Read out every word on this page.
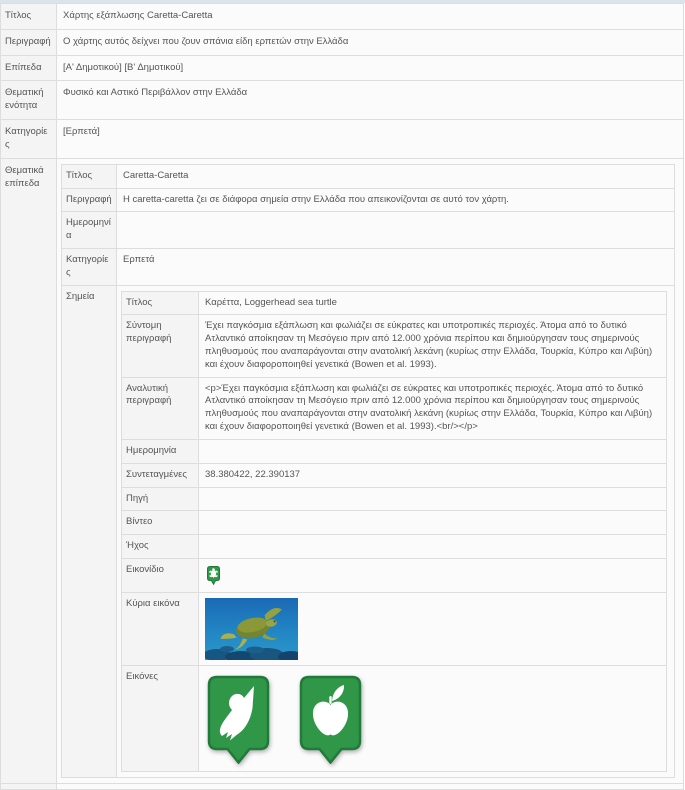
Τίτλος	Χάρτης εξάπλωσης Caretta-Caretta
Περιγραφή	Ο χάρτης αυτός δείχνει που ζουν σπάνια είδη ερπετών στην Ελλάδα
Επίπεδα	[Α' Δημοτικού] [Β' Δημοτικού]
Θεματική ενότητα	Φυσικό και Αστικό Περιβάλλον στην Ελλάδα
Κατηγορίες	[Ερπετά]
Θεματικά επίπεδα	
Τίτλος	Caretta-Caretta
Περιγραφή	Η caretta-caretta ζει σε διάφορα σημεία στην Ελλάδα που απεικονίζονται σε αυτό τον χάρτη.
Ημερομηνία	
Κατηγορίες	Ερπετά
Σημεία	
Τίτλος	Καρέττα, Loggerhead sea turtle
Σύντομη περιγραφή	Έχει παγκόσμια εξάπλωση και φωλιάζει σε εύκρατες και υποτροπικές περιοχές. Άτομα από το δυτικό Ατλαντικό αποίκησαν τη Μεσόγειο πριν από 12.000 χρόνια περίπου και δημιούργησαν τους σημερινούς πληθυσμούς που αναπαράγονται στην ανατολική λεκάνη (κυρίως στην Ελλάδα, Τουρκία, Κύπρο και Λιβύη) και έχουν διαφοροποιηθεί γενετικά (Bowen et al. 1993).
Αναλυτική περιγραφή	<p>Έχει παγκόσμια εξάπλωση και φωλιάζει σε εύκρατες και υποτροπικές περιοχές. Άτομα από το δυτικό Ατλαντικό αποίκησαν τη Μεσόγειο πριν από 12.000 χρόνια περίπου και δημιούργησαν τους σημερινούς πληθυσμούς που αναπαράγονται στην ανατολική λεκάνη (κυρίως στην Ελλάδα, Τουρκία, Κύπρο και Λιβύη) και έχουν διαφοροποιηθεί γενετικά (Bowen et al. 1993).<br/></p>
Ημερομηνία	
Συντεταγμένες	38.380422, 22.390137
Πηγή	
Βίντεο	
Ήχος	
Εικονίδιο	

Κύρια εικόνα	

Εικόνες	
